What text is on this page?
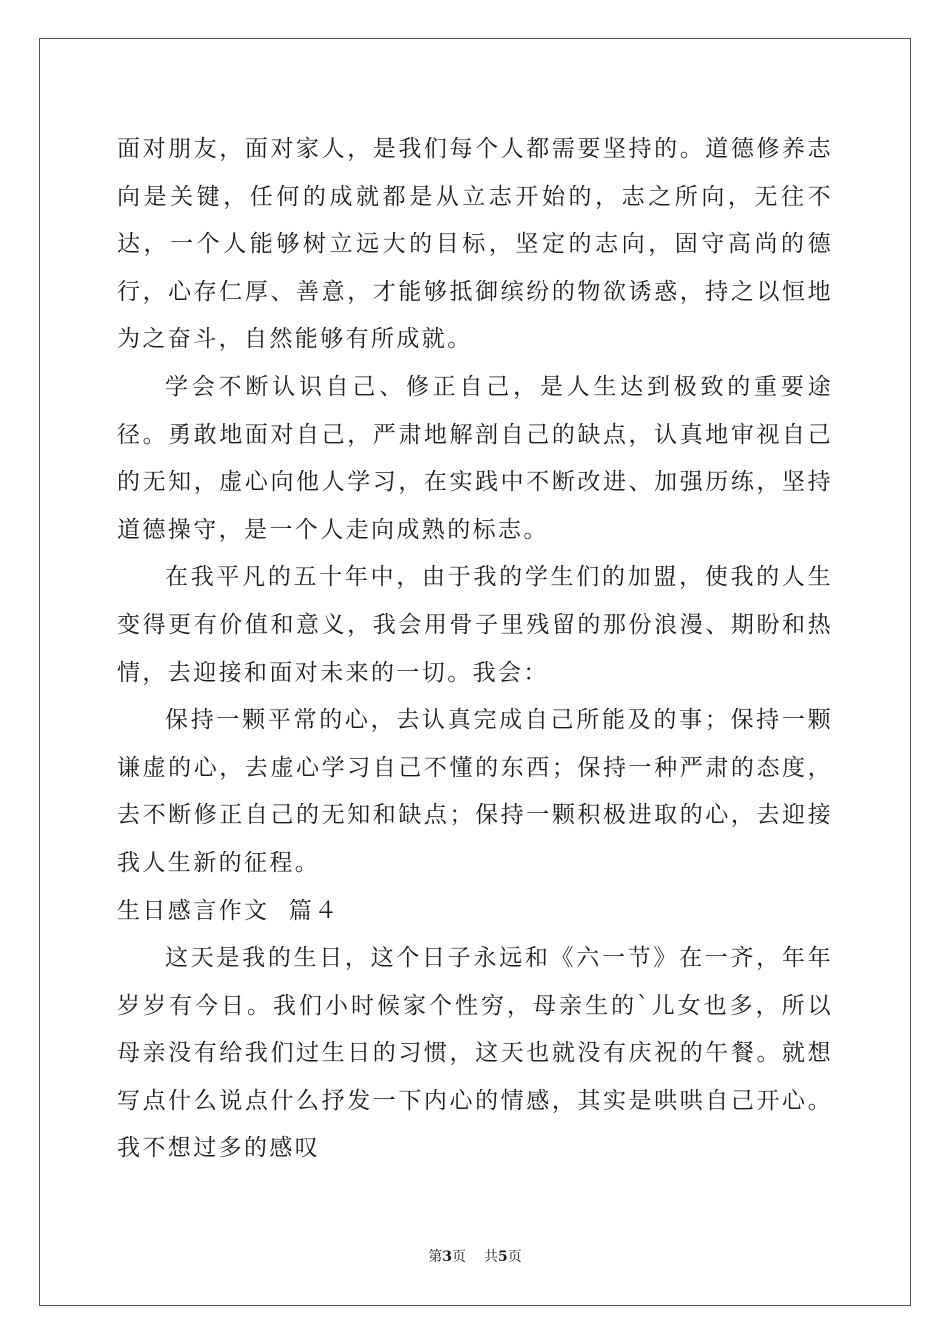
面对朋友，面对家人，是我们每个人都需要坚持的。道德修养志向是关键，任何的成就都是从立志开始的，志之所向，无往不达，一个人能够树立远大的目标，坚定的志向，固守高尚的德行，心存仁厚、善意，才能够抵御缤纷的物欲诱惑，持之以恒地为之奋斗，自然能够有所成就。

学会不断认识自己、修正自己，是人生达到极致的重要途径。勇敢地面对自己，严肃地解剖自己的缺点，认真地审视自己的无知，虚心向他人学习，在实践中不断改进、加强历练，坚持道德操守，是一个人走向成熟的标志。

在我平凡的五十年中，由于我的学生们的加盟，使我的人生变得更有价值和意义，我会用骨子里残留的那份浪漫、期盼和热情，去迎接和面对未来的一切。我会：

保持一颗平常的心，去认真完成自己所能及的事；保持一颗谦虚的心，去虚心学习自己不懂的东西；保持一种严肃的态度，去不断修正自己的无知和缺点；保持一颗积极进取的心，去迎接我人生新的征程。

生日感言作文  篇４

这天是我的生日，这个日子永远和《六一节》在一齐，年年岁岁有今日。我们小时候家个性穷，母亲生的`儿女也多，所以母亲没有给我们过生日的习惯，这天也就没有庆祝的午餐。就想写点什么说点什么抒发一下内心的情感，其实是哄哄自己开心。我不想过多的感叹

第3页 共5页
